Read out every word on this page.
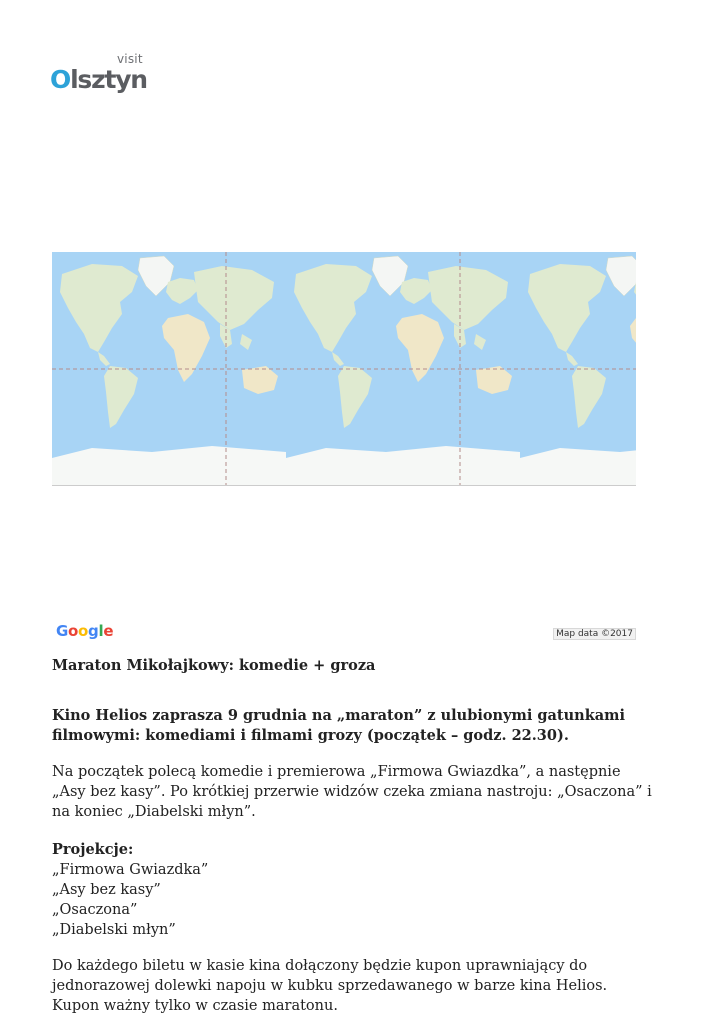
visit
Olsztyn
Google	Map data ©2017

Maraton Mikołajkowy: komedie + groza

Kino Helios zaprasza 9 grudnia na „maraton” z ulubionymi gatunkami filmowymi: komediami i filmami grozy (początek – godz. 22.30).

Na początek polecą komedie i premierowa „Firmowa Gwiazdka”, a następnie „Asy bez kasy”. Po krótkiej przerwie widzów czeka zmiana nastroju: „Osaczona” i na koniec „Diabelski młyn”.

Projekcje:

„Firmowa Gwiazdka”
„Asy bez kasy”
„Osaczona”
„Diabelski młyn”

Do każdego biletu w kasie kina dołączony będzie kupon uprawniający do jednorazowej dolewki napoju w kubku sprzedawanego w barze kina Helios. Kupon ważny tylko w czasie maratonu.
